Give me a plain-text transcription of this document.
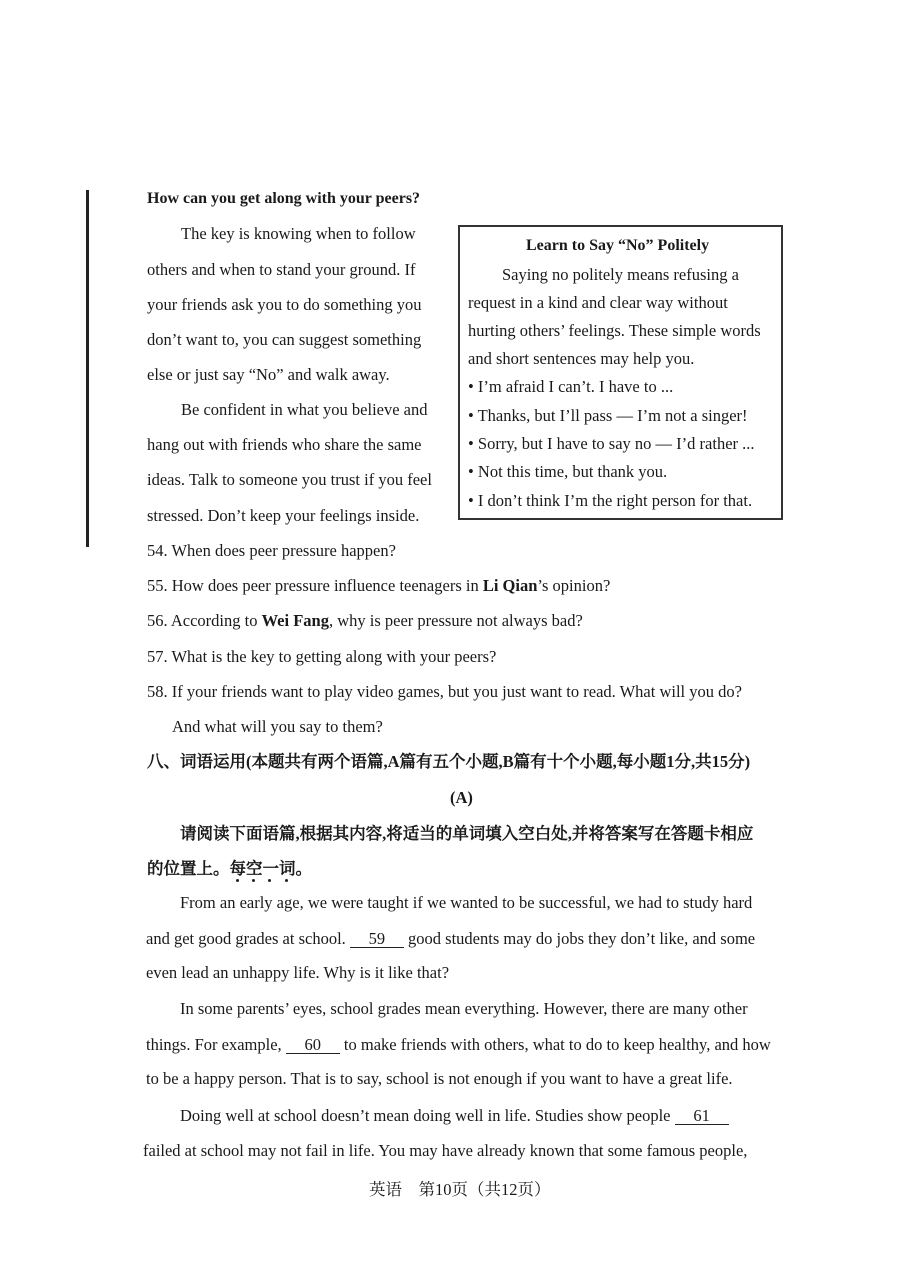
How can you get along with your peers?
The key is knowing when to follow
others and when to stand your ground. If
your friends ask you to do something you
don’t want to, you can suggest something
else or just say “No” and walk away.
Be confident in what you believe and
hang out with friends who share the same
ideas. Talk to someone you trust if you feel
stressed. Don’t keep your feelings inside.
Learn to Say “No” Politely
Saying no politely means refusing a
request in a kind and clear way without
hurting others’ feelings. These simple words
and short sentences may help you.
• I’m afraid I can’t. I have to ...
• Thanks, but I’ll pass — I’m not a singer!
• Sorry, but I have to say no — I’d rather ...
• Not this time, but thank you.
• I don’t think I’m the right person for that.
54. When does peer pressure happen?
55. How does peer pressure influence teenagers in Li Qian’s opinion?
56. According to Wei Fang, why is peer pressure not always bad?
57. What is the key to getting along with your peers?
58. If your friends want to play video games, but you just want to read. What will you do?
And what will you say to them?
八、词语运用(本题共有两个语篇,A篇有五个小题,B篇有十个小题,每小题1分,共15分)
(A)
请阅读下面语篇,根据其内容,将适当的单词填入空白处,并将答案写在答题卡相应
的位置上。每空一词
。
From an early age, we were taught if we wanted to be successful, we had to study hard
and get good grades at school. 59 good students may do jobs they don’t like, and some
even lead an unhappy life. Why is it like that?
In some parents’ eyes, school grades mean everything. However, there are many other
things. For example, 60 to make friends with others, what to do to keep healthy, and how
to be a happy person. That is to say, school is not enough if you want to have a great life.
Doing well at school doesn’t mean doing well in life. Studies show people 61
failed at school may not fail in life. You may have already known that some famous people,
英语　第10页（共12页）
